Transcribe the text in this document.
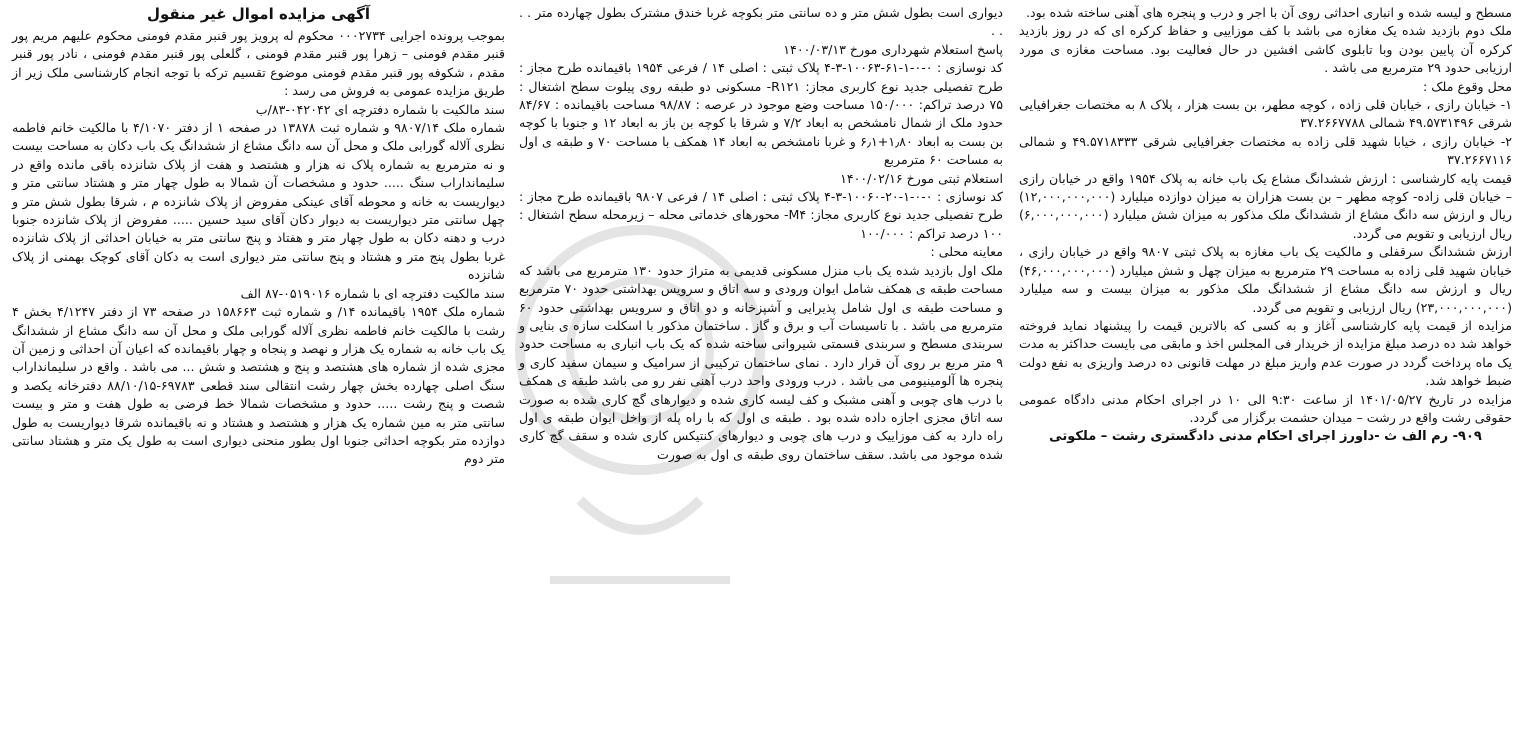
آگهی مزایده اموال غیر منقول

بموجب پرونده اجرایی ۰۰۰۲۷۳۴ محکوم له پرویز پور قنبر مقدم فومنی محکوم علیهم مریم پور قنبر مقدم فومنی – زهرا پور قنبر مقدم فومنی ، گلعلی پور قنبر مقدم فومنی ، نادر پور قنبر مقدم ، شکوفه پور قنبر مقدم فومنی موضوع تقسیم ترکه با توجه انجام کارشناسی ملک زیر از طریق مزایده عمومی به فروش می رسد :

سند مالکیت با شماره دفترچه ای ۰۴۲۰۴۲-۸۳/ب

شماره ملک ۹۸۰۷/۱۴ و شماره ثبت ۱۳۸۷۸ در صفحه ۱ از دفتر ۴/۱۰۷۰ با مالکیت خانم فاطمه نظری آلاله گورابی ملک و محل آن سه دانگ مشاع از ششدانگ یک باب دکان به مساحت بیست و نه مترمربع به شماره پلاک نه هزار و هشتصد و هفت از پلاک شانزده باقی مانده واقع در سلیمانداراب سنگ ..... حدود و مشخصات آن شمالا به طول چهار متر و هشتاد سانتی متر و دیواریست به خانه و محوطه آقای عینکی مفروض از پلاک شانزده م ، شرقا بطول شش متر و چهل سانتی متر دیواریست به دیوار دکان آقای سید حسین ..... مفروض از پلاک شانزده جنوبا درب و دهنه دکان به طول چهار متر و هفتاد و پنج سانتی متر به خیابان احداثی از پلاک شانزده غربا بطول پنج متر و هشتاد و پنج سانتی متر دیواری است به دکان آقای کوچک بهمنی از پلاک شانزده

سند مالکیت دفترچه ای با شماره ۰۵۱۹۰۱۶-۸۷ الف

شماره ملک ۱۹۵۴ باقیمانده ۱۴/ و شماره ثبت ۱۵۸۶۶۳ در صفحه ۷۳ از دفتر ۴/۱۲۴۷ بخش ۴ رشت با مالکیت خانم فاطمه نظری آلاله گورابی ملک و محل آن سه دانگ مشاع از ششدانگ یک باب خانه به شماره یک هزار و نهصد و پنجاه و چهار باقیمانده که اعیان آن احداثی و زمین آن مجزی شده از شماره های هشتصد و پنج و هشتصد و شش ... می باشد . واقع در سلیمانداراب سنگ اصلی چهارده بخش چهار رشت انتقالی سند قطعی ۶۹۷۸۳-۸۸/۱۰/۱۵ دفترخانه یکصد و شصت و پنج رشت ..... حدود و مشخصات شمالا خط فرضی به طول هفت و متر و بیست سانتی متر به مین شماره یک هزار و هشتصد و هشتاد و نه باقیمانده شرقا دیواریست به طول دوازده متر بکوچه احداثی جنوبا اول بطور منحنی دیواری است به طول یک متر و هشتاد سانتی متر دوم

دیواری است بطول شش متر و ده سانتی متر بکوچه غربا خندق مشترک بطول چهارده متر . . . .

پاسخ استعلام شهرداری مورخ ۱۴۰۰/۰۳/۱۳

کد نوسازی : ۰-۰-۱-۶۱-۱۰۰۶۳-۳-۴ پلاک ثبتی : اصلی ۱۴ / فرعی ۱۹۵۴ باقیمانده طرح مجاز : طرح تفصیلی جدید نوع کاربری مجاز: R۱۲۱- مسکونی دو طبقه روی پیلوت سطح اشتغال : ۷۵ درصد تراکم: ۱۵۰/۰۰۰ مساحت وضع موجود در عرصه : ۹۸/۸۷ مساحت باقیمانده : ۸۴/۶۷ حدود ملک از شمال نامشخص به ابعاد ۷/۲ و شرقا با کوچه بن باز به ابعاد ۱۲ و جنوبا با کوچه بن بست به ابعاد ۱٫۸۰+۶٫۱ و غربا نامشخص به ابعاد ۱۴ همکف با مساحت ۷۰ و طبقه ی اول به مساحت ۶۰ مترمربع

استعلام ثبتی مورخ ۱۴۰۰/۰۲/۱۶

کد نوسازی : ۰-۰-۱-۲۰-۱۰۰۶۰-۳-۴ پلاک ثبتی : اصلی ۱۴ / فرعی ۹۸۰۷ باقیمانده طرح مجاز : طرح تفصیلی جدید نوع کاربری مجاز: M۴- محورهای خدماتی محله – زیرمحله سطح اشتغال : ۱۰۰ درصد تراکم : ۱۰۰/۰۰۰

معاینه محلی :

ملک اول بازدید شده یک باب منزل مسکونی قدیمی به متراژ حدود ۱۳۰ مترمربع می باشد که مساحت طبقه ی همکف شامل ایوان ورودی و سه اتاق و سرویس بهداشتی حدود ۷۰ مترمربع و مساحت طبقه ی اول شامل پذیرایی و آشپزخانه و دو اتاق و سرویس بهداشتی حدود ۶۰ مترمربع می باشد . با تاسیسات آب و برق و گاز . ساختمان مذکور با اسکلت سازه ی بنایی و سربندی مسطح و سربندی قسمتی شیروانی ساخته شده که یک باب انباری به مساحت حدود ۹ متر مربع بر روی آن قرار دارد . نمای ساختمان ترکیبی از سرامیک و سیمان سفید کاری و پنجره ها آلومینیومی می باشد . درب ورودی واحد درب آهنی نفر رو می باشد طبقه ی همکف با درب های چوبی و آهنی مشبک و کف لیسه کاری شده و دیوارهای گچ کاری شده به صورت سه اتاق مجزی اجازه داده شده بود . طبقه ی اول که با راه پله از واخل ایوان طبقه ی اول راه دارد به کف موزاییک و درب های چوبی و دیوارهای کنتیکس کاری شده و سقف گچ کاری شده موجود می باشد. سقف ساختمان روی طبقه ی اول به صورت

مسطح و لیسه شده و انباری احداثی روی آن با اجر و درب و پنجره های آهنی ساخته شده بود.

ملک دوم بازدید شده یک مغازه می باشد با کف موزاییی و حفاظ کرکره ای که در روز بازدید کرکره آن پایین بودن وبا تابلوی کاشی افشین در حال فعالیت بود. مساحت مغازه ی مورد ارزیابی حدود ۲۹ مترمربع می باشد .

محل وقوع ملک :

۱- خیابان رازی ، خیابان قلی زاده ، کوچه مطهر، بن بست هزار ، پلاک ۸ به مختصات جغرافیایی شرقی ۴۹.۵۷۳۱۴۹۶ شمالی ۳۷.۲۶۶۷۷۸۸

۲- خیابان رازی ، خیابا شهید قلی زاده به مختصات جغرافیایی شرقی ۴۹.۵۷۱۸۳۳۳ و شمالی ۳۷.۲۶۶۷۱۱۶

قیمت پایه کارشناسی : ارزش ششدانگ مشاع یک باب خانه به پلاک ۱۹۵۴ واقع در خیابان رازی – خیابان قلی زاده- کوچه مطهر – بن بست هزاران به میزان دوازده میلیارد (۱۲,۰۰۰,۰۰۰,۰۰۰) ریال و ارزش سه دانگ مشاع از ششدانگ ملک مذکور به میزان شش میلیارد (۶,۰۰۰,۰۰۰,۰۰۰) ریال ارزیابی و تقویم می گردد.

ارزش ششدانگ سرقفلی و مالکیت یک باب مغازه به پلاک ثبتی ۹۸۰۷ واقع در خیابان رازی ، خیابان شهید قلی زاده به مساحت ۲۹ مترمربع به میزان چهل و شش میلیارد (۴۶,۰۰۰,۰۰۰,۰۰۰) ریال و ارزش سه دانگ مشاع از ششدانگ ملک مذکور به میزان بیست و سه میلیارد (۲۳,۰۰۰,۰۰۰,۰۰۰) ریال ارزیابی و تقویم می گردد.

مزایده از قیمت پایه کارشناسی آغاز و به کسی که بالاترین قیمت را پیشنهاد نماید فروخته خواهد شد ده درصد مبلغ مزایده از خریدار فی المجلس اخذ و مابقی می بایست حداکثر به مدت یک ماه پرداخت گردد در صورت عدم واریز مبلغ در مهلت قانونی ده درصد واریزی به نفع دولت ضبط خواهد شد.

مزایده در تاریخ ۱۴۰۱/۰۵/۲۷ از ساعت ۹:۳۰ الی ۱۰ در اجرای احکام مدنی دادگاه عمومی حقوقی رشت واقع در رشت – میدان حشمت برگزار می گردد.

۹۰۹- رم الف ث -داورز اجرای احکام مدنی دادگستری رشت – ملکوتی
